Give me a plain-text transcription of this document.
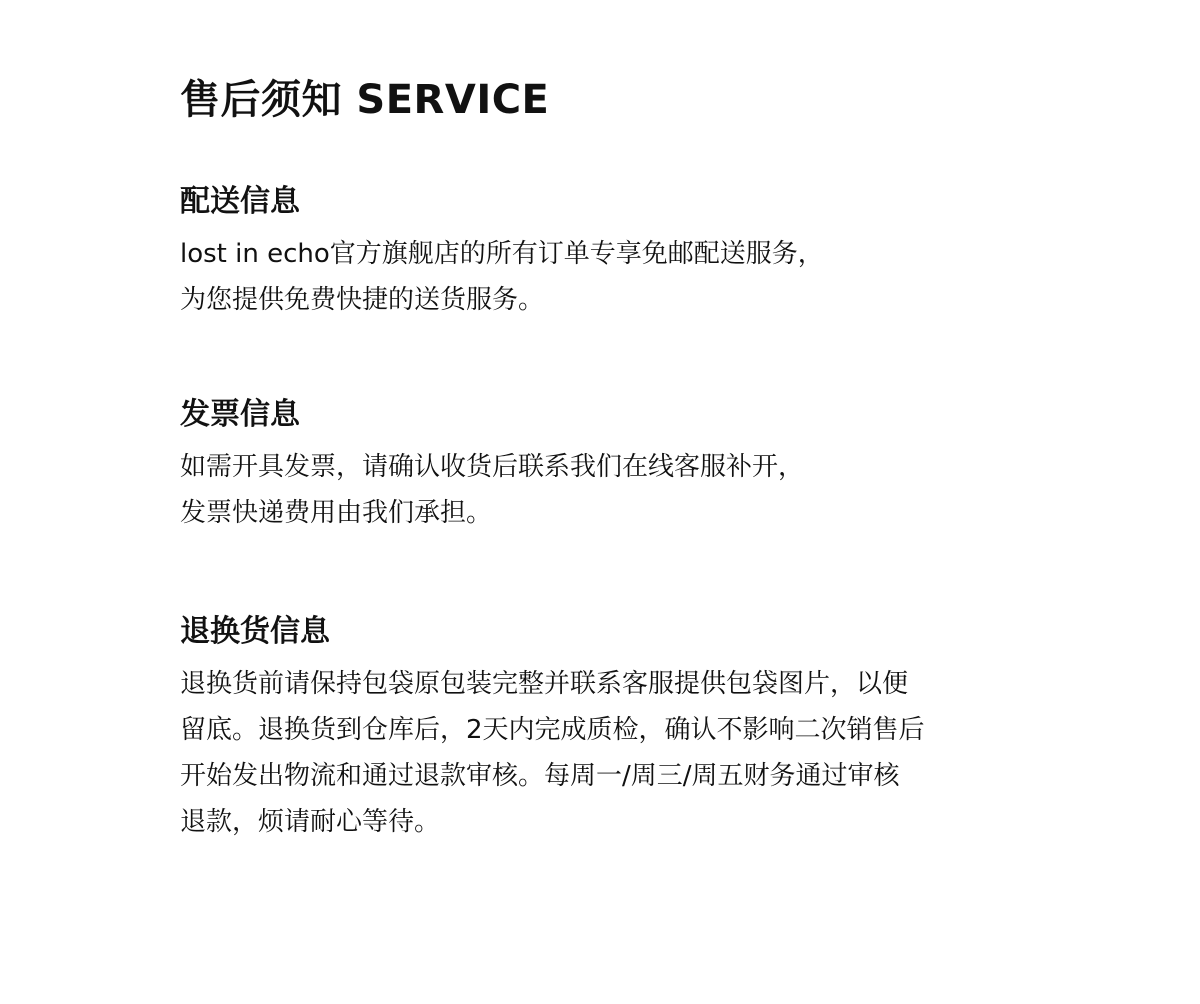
售后须知 SERVICE
配送信息

lost in echo官方旗舰店的所有订单专享免邮配送服务，
为您提供免费快捷的送货服务。

发票信息

如需开具发票，请确认收货后联系我们在线客服补开，
发票快递费用由我们承担。

退换货信息

退换货前请保持包袋原包装完整并联系客服提供包袋图片，以便
留底。退换货到仓库后，2天内完成质检，确认不影响二次销售后
开始发出物流和通过退款审核。每周一/周三/周五财务通过审核
退款，烦请耐心等待。
